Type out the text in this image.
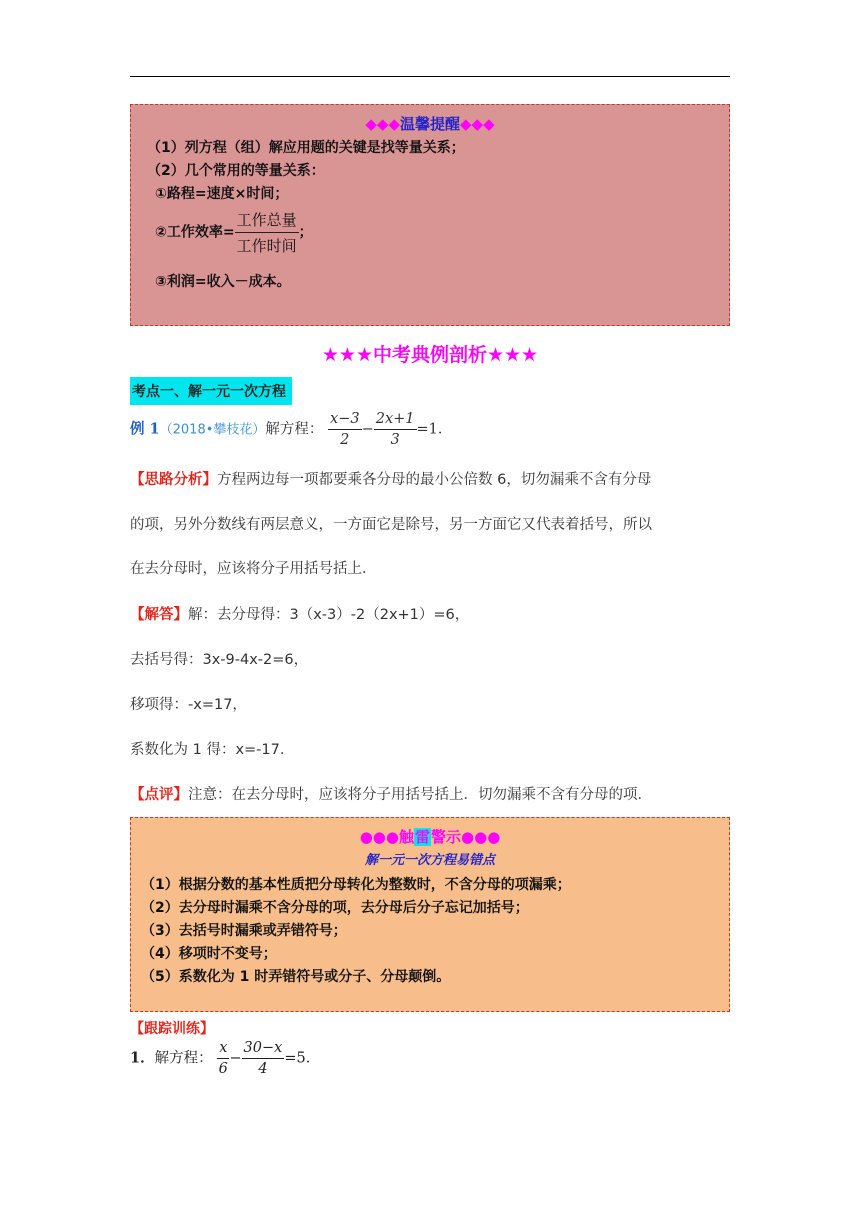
◆◆◆温馨提醒◆◆◆
（1）列方程（组）解应用题的关键是找等量关系；
（2）几个常用的等量关系：
①路程=速度×时间；
②工作效率= $\frac{\text{工作总量}}{\text{工作时间}}$ ；
③利润=收入－成本。
★★★中考典例剖析★★★
考点一、解一元一次方程
例 1（2018•攀枝花）解方程： $\frac{x-3}{2} - \frac{2x+1}{3} =1$．
【思路分析】方程两边每一项都要乘各分母的最小公倍数 6，切勿漏乘不含有分母
的项，另外分数线有两层意义，一方面它是除号，另一方面它又代表着括号，所以
在去分母时，应该将分子用括号括上．
【解答】解：去分母得：3（x-3）-2（2x+1）=6，
去括号得：3x-9-4x-2=6，
移项得：-x=17，
系数化为 1 得：x=-17．
【点评】注意：在去分母时，应该将分子用括号括上．切勿漏乘不含有分母的项．
●●●触雷警示●●●
解一元一次方程易错点
（1）根据分数的基本性质把分母转化为整数时，不含分母的项漏乘；
（2）去分母时漏乘不含分母的项，去分母后分子忘记加括号；
（3）去括号时漏乘或弄错符号；
（4）移项时不变号；
（5）系数化为 1 时弄错符号或分子、分母颠倒。
【跟踪训练】
1．解方程： $\frac{x}{6} - \frac{30-x}{4} =5$．
